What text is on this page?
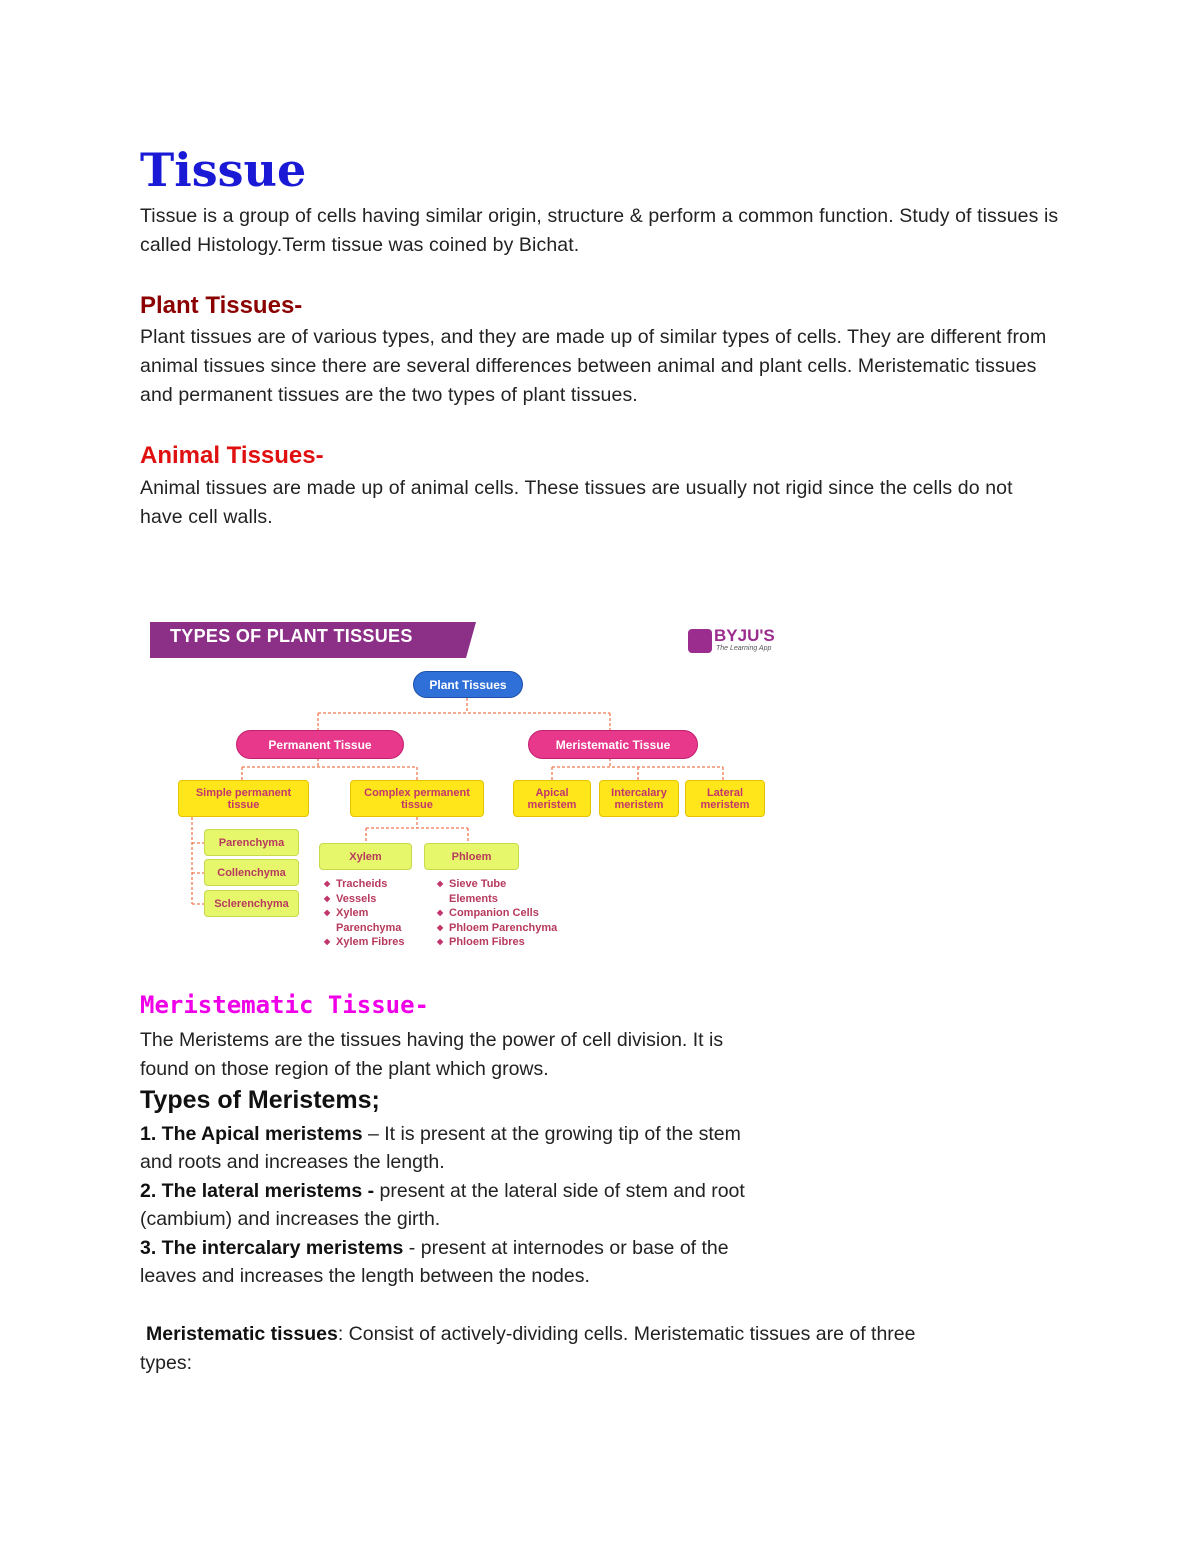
Tissue
Tissue is a group of cells having similar origin, structure & perform a common function. Study of tissues is called Histology.Term tissue was coined by Bichat.
Plant Tissues-
Plant tissues are of various types, and they are made up of similar types of cells. They are different from animal tissues since there are several differences between animal and plant cells. Meristematic tissues and permanent tissues are the two types of plant tissues.
Animal Tissues-
Animal tissues are made up of animal cells. These tissues are usually not rigid since the cells do not have cell walls.
TYPES OF PLANT TISSUES	BYJU'S
The Learning App
Plant Tissues
Permanent Tissue	Meristematic Tissue
Simple permanent tissue
Complex permanent tissue
Apical meristem
Intercalary meristem
Lateral meristem
Parenchyma
Collenchyma
Sclerenchyma
Xylem	Phloem
◆ Tracheids
◆ Vessels
◆ Xylem
Parenchyma
◆ Xylem Fibres
◆ Sieve Tube
Elements
◆ Companion Cells
◆ Phloem Parenchyma
◆ Phloem Fibres
Meristematic Tissue-
The Meristems are the tissues having the power of cell division. It is
found on those region of the plant which grows.
Types of Meristems;
1. The Apical meristems – It is present at the growing tip of the stem
and roots and increases the length.
2. The lateral meristems - present at the lateral side of stem and root
(cambium) and increases the girth.
3. The intercalary meristems - present at internodes or base of the
leaves and increases the length between the nodes.
Meristematic tissues: Consist of actively-dividing cells. Meristematic tissues are of three
types:
